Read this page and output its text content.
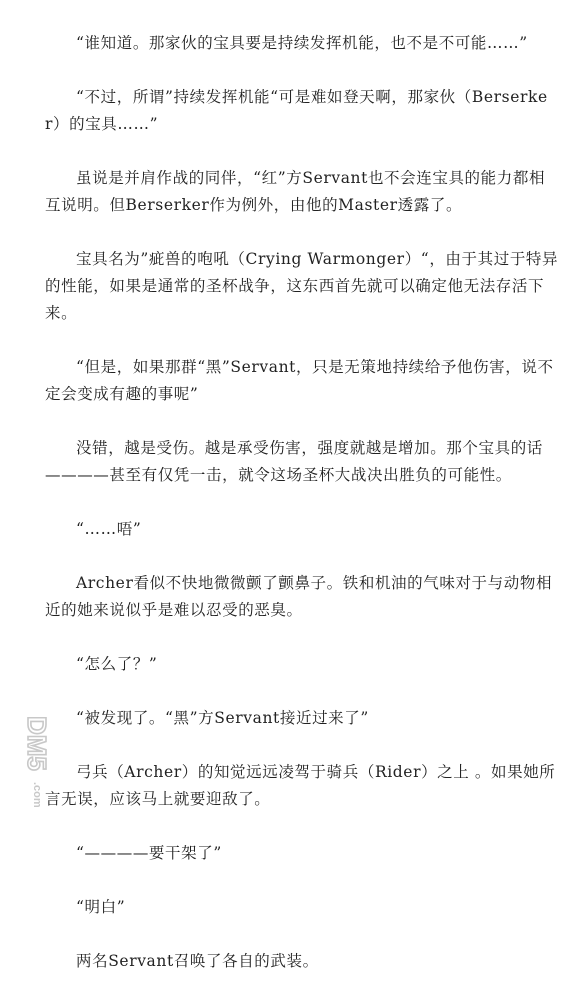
“谁知道。那家伙的宝具要是持续发挥机能，也不是不可能……”

“不过，所谓”持续发挥机能“可是难如登天啊，那家伙（Berserker）的宝具……”

虽说是并肩作战的同伴，“红”方Servant也不会连宝具的能力都相互说明。但Berserker作为例外，由他的Master透露了。

宝具名为”疵兽的咆吼（Crying Warmonger）“，由于其过于特异的性能，如果是通常的圣杯战争，这东西首先就可以确定他无法存活下来。

“但是，如果那群“黑”Servant，只是无策地持续给予他伤害，说不定会变成有趣的事呢”

没错，越是受伤。越是承受伤害，强度就越是增加。那个宝具的话————甚至有仅凭一击，就令这场圣杯大战决出胜负的可能性。

“……唔”

Archer看似不快地微微颤了颤鼻子。铁和机油的气味对于与动物相近的她来说似乎是难以忍受的恶臭。

“怎么了？”

“被发现了。“黑”方Servant接近过来了”

弓兵（Archer）的知觉远远凌驾于骑兵（Rider）之上 。如果她所言无误，应该马上就要迎敌了。

“————要干架了”

“明白”

两名Servant召唤了各自的武装。

DM5
.com
